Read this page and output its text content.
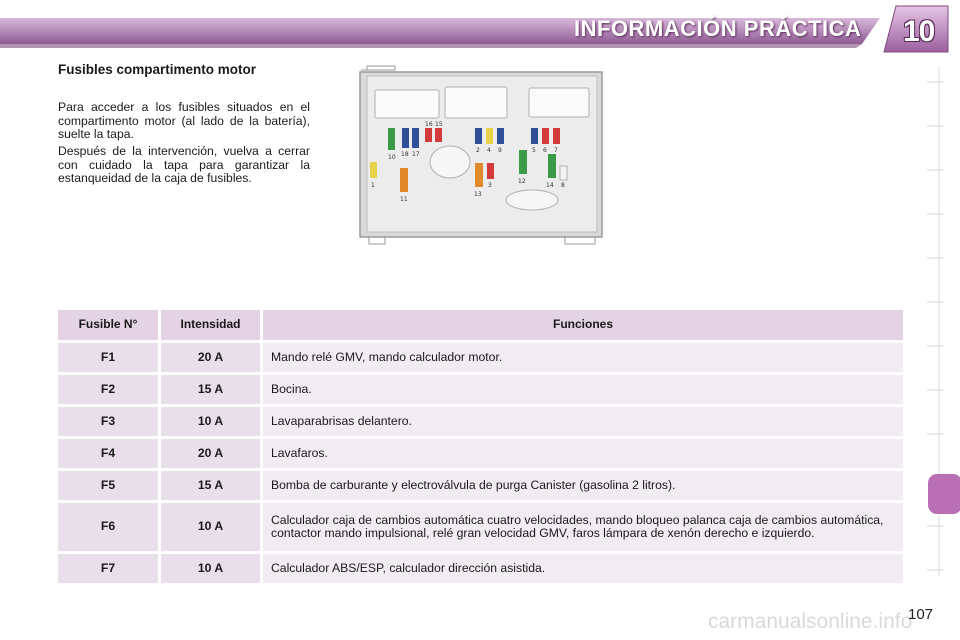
INFORMACIÓN PRÁCTICA 10
Fusibles compartimento motor
Para acceder a los fusibles situados en el compartimento motor (al lado de la batería), suelte la tapa.
Después de la intervención, vuelva a cerrar con cuidado la tapa para garantizar la estanqueidad de la caja de fusibles.
16 15
10 18 17
1
11
2 4 9
13
3
12
5 6 7
14 8
Fusible N°	Intensidad	Funciones
F1	20 A	Mando relé GMV, mando calculador motor.
F2	15 A	Bocina.
F3	10 A	Lavaparabrisas delantero.
F4	20 A	Lavafaros.
F5	15 A	Bomba de carburante y electroválvula de purga Canister (gasolina 2 litros).
F6	10 A	Calculador caja de cambios automática cuatro velocidades, mando bloqueo palanca caja de cambios automática, contactor mando impulsional, relé gran velocidad GMV, faros lámpara de xenón derecho e izquierdo.
F7	10 A	Calculador ABS/ESP, calculador dirección asistida.
carmanualsonline.info
107
